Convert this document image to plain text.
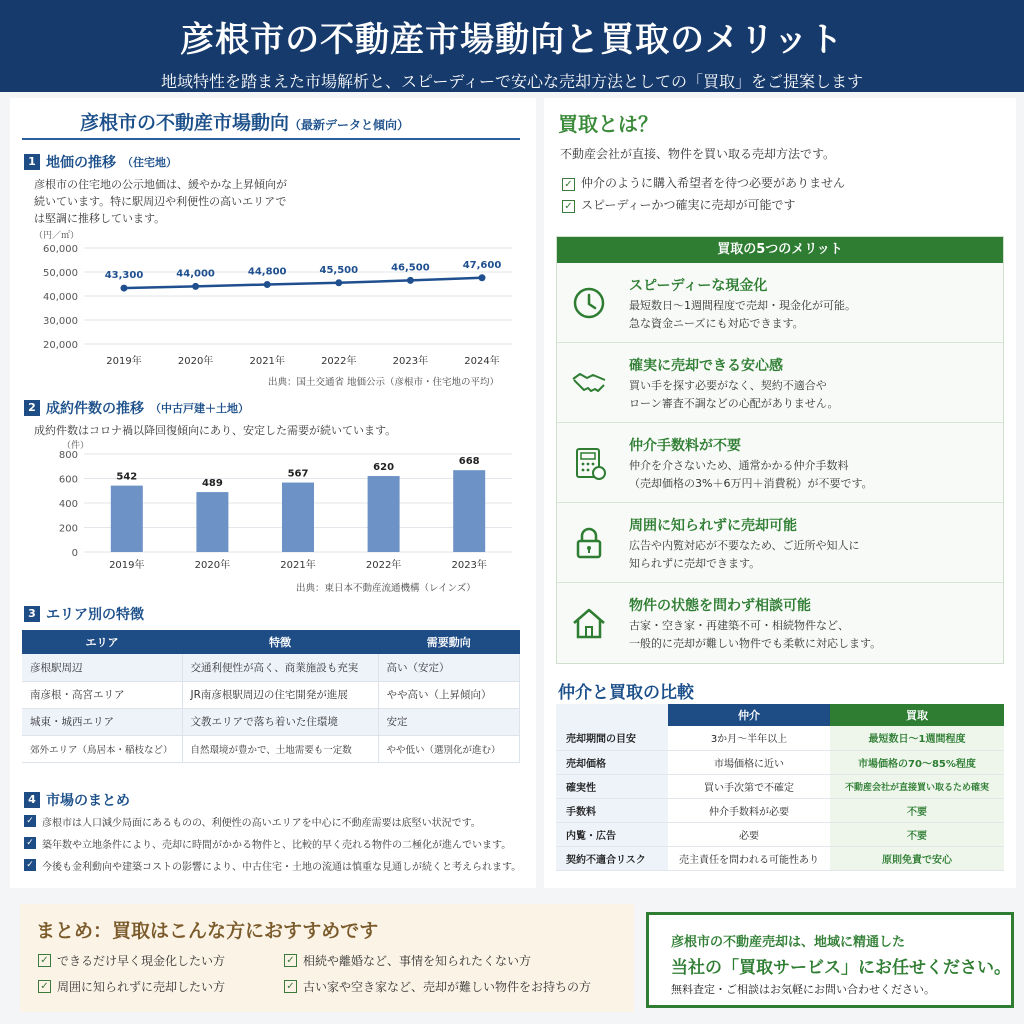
彦根市の不動産市場動向と買取のメリット

地域特性を踏まえた市場解析と、スピーディーで安心な売却方法としての「買取」をご提案します

彦根市の不動産市場動向（最新データと傾向）
1 地価の推移 （住宅地）
彦根市の住宅地の公示地価は、緩やかな上昇傾向が
続いています。特に駅周辺や利便性の高いエリアで
は堅調に推移しています。
（円／㎡）
60,000
50,000
40,000
30,000
20,000
43,300
2019年
44,000
2020年
44,800
2021年
45,500
2022年
46,500
2023年
47,600
2024年
出典：国土交通省 地価公示（彦根市・住宅地の平均）
2 成約件数の推移 （中古戸建＋土地）
成約件数はコロナ禍以降回復傾向にあり、安定した需要が続いています。
（件）
800
600
400
200
0
542
2019年
489
2020年
567
2021年
620
2022年
668
2023年
出典：東日本不動産流通機構（レインズ）
3 エリア別の特徴
エリア	特徴	需要動向
彦根駅周辺	交通利便性が高く、商業施設も充実	高い（安定）
南彦根・高宮エリア	JR南彦根駅周辺の住宅開発が進展	やや高い（上昇傾向）
城東・城西エリア	文教エリアで落ち着いた住環境	安定
郊外エリア（鳥居本・稲枝など）	自然環境が豊かで、土地需要も一定数	やや低い（選別化が進む）
4 市場のまとめ
✓ 彦根市は人口減少局面にあるものの、利便性の高いエリアを中心に不動産需要は底堅い状況です。
✓ 築年数や立地条件により、売却に時間がかかる物件と、比較的早く売れる物件の二極化が進んでいます。
✓ 今後も金利動向や建築コストの影響により、中古住宅・土地の流通は慎重な見通しが続くと考えられます。
買取とは？
不動産会社が直接、物件を買い取る売却方法です。
✓ 仲介のように購入希望者を待つ必要がありません
✓ スピーディーかつ確実に売却が可能です
買取の5つのメリット
スピーディーな現金化

最短数日〜1週間程度で売却・現金化が可能。
急な資金ニーズにも対応できます。

確実に売却できる安心感

買い手を探す必要がなく、契約不適合や
ローン審査不調などの心配がありません。

仲介手数料が不要

仲介を介さないため、通常かかる仲介手数料
（売却価格の3%＋6万円＋消費税）が不要です。

周囲に知られずに売却可能

広告や内覧対応が不要なため、ご近所や知人に
知られずに売却できます。

物件の状態を問わず相談可能

古家・空き家・再建築不可・相続物件など、
一般的に売却が難しい物件でも柔軟に対応します。

仲介と買取の比較
	仲介	買取
売却期間の目安	3か月〜半年以上	最短数日〜1週間程度
売却価格	市場価格に近い	市場価格の70〜85%程度
確実性	買い手次第で不確定	不動産会社が直接買い取るため確実
手数料	仲介手数料が必要	不要
内覧・広告	必要	不要
契約不適合リスク	売主責任を問われる可能性あり	原則免責で安心
まとめ：買取はこんな方におすすめです
✓ できるだけ早く現金化したい方	✓ 相続や離婚など、事情を知られたくない方
✓ 周囲に知られずに売却したい方	✓ 古い家や空き家など、売却が難しい物件をお持ちの方
彦根市の不動産売却は、地域に精通した
当社の「買取サービス」にお任せください。
無料査定・ご相談はお気軽にお問い合わせください。
